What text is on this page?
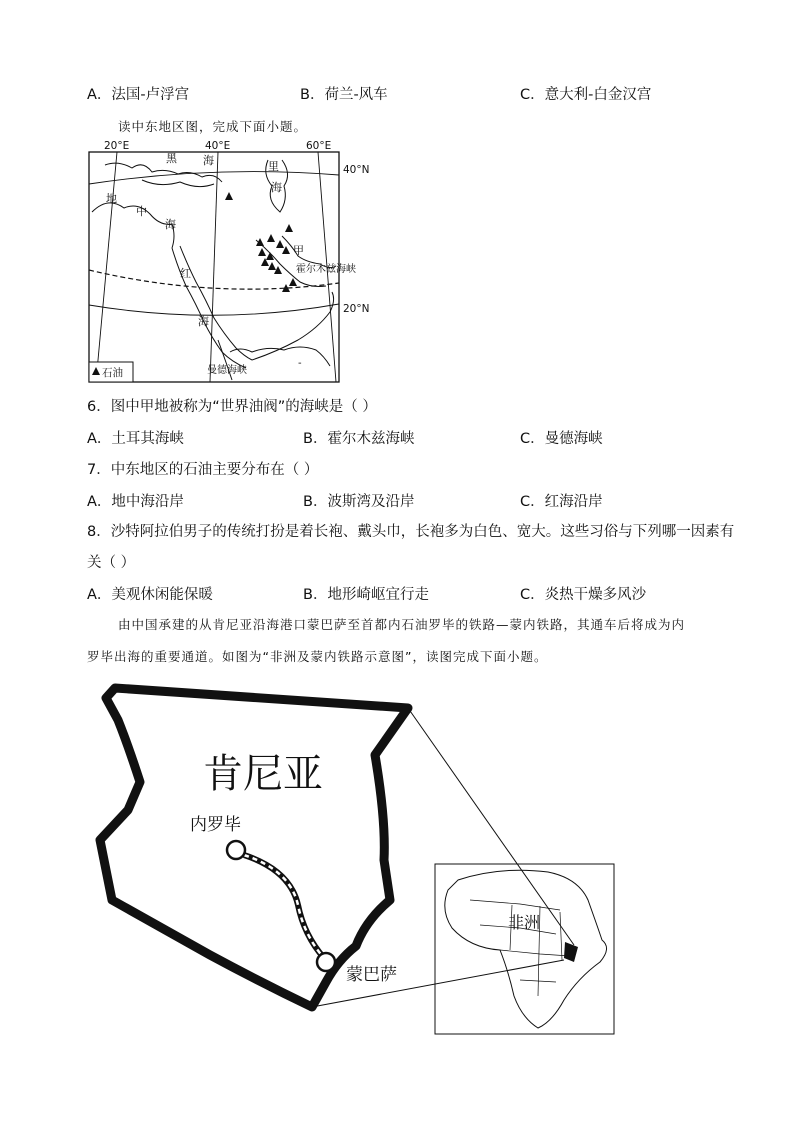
A．法国-卢浮宫	B．荷兰-风车	C．意大利-白金汉宫
读中东地区图，完成下面小题。
20°E	40°E	60°E
40°N
20°N
黑 海	里
海
地
中
海
甲
霍尔木兹海峡
红
海
曼德海峡
-
石油
6．图中甲地被称为“世界油阀”的海峡是（ ）
A．土耳其海峡	B．霍尔木兹海峡	C．曼德海峡
7．中东地区的石油主要分布在（ ）
A．地中海沿岸	B．波斯湾及沿岸	C．红海沿岸
8．沙特阿拉伯男子的传统打扮是着长袍、戴头巾，长袍多为白色、宽大。这些习俗与下列哪一因素有
关（ ）
A．美观休闲能保暖	B．地形崎岖宜行走	C．炎热干燥多风沙
由中国承建的从肯尼亚沿海港口蒙巴萨至首都内石油罗毕的铁路—蒙内铁路，其通车后将成为内
罗毕出海的重要通道。如图为“非洲及蒙内铁路示意图”，读图完成下面小题。
肯尼亚
内罗毕
蒙巴萨
非洲
